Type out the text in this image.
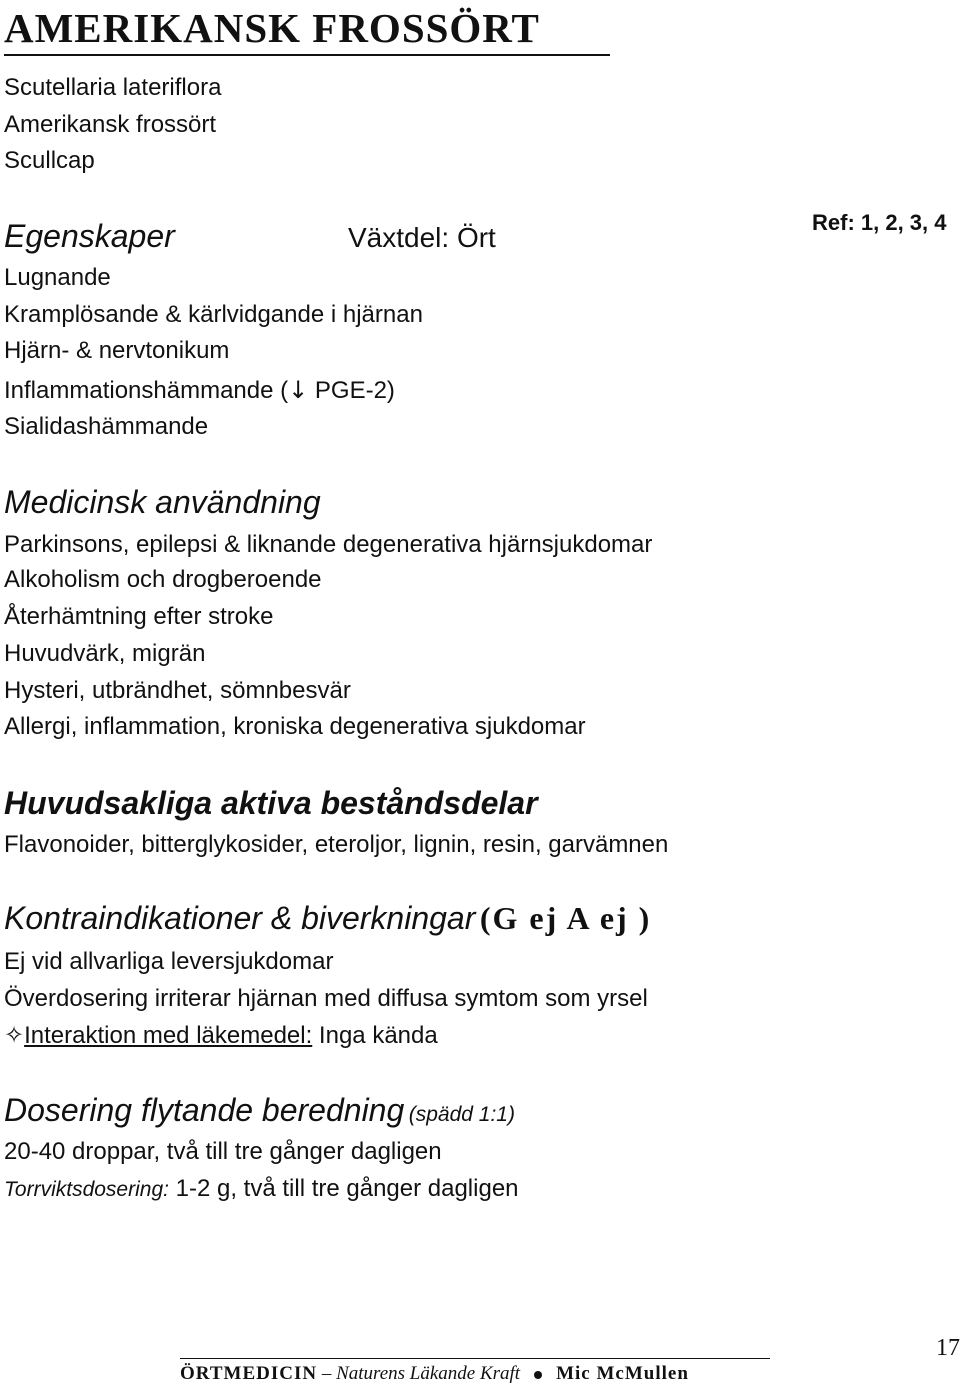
AMERIKANSK FROSSÖRT
Scutellaria lateriflora
Amerikansk frossört
Scullcap
Egenskaper	Växtdel: Ört	Ref: 1, 2, 3, 4
Lugnande
Kramplösande & kärlvidgande i hjärnan
Hjärn- & nervtonikum
Inflammationshämmande (↓ PGE-2)
Sialidashämmande
Medicinsk användning
Parkinsons, epilepsi & liknande degenerativa hjärnsjukdomar
Alkoholism och drogberoende
Återhämtning efter stroke
Huvudvärk, migrän
Hysteri, utbrändhet, sömnbesvär
Allergi, inflammation, kroniska degenerativa sjukdomar
Huvudsakliga aktiva beståndsdelar
Flavonoider, bitterglykosider, eteroljor, lignin, resin, garvämnen
Kontraindikationer & biverkningar (G ej A ej )
Ej vid allvarliga leversjukdomar
Överdosering irriterar hjärnan med diffusa symtom som yrsel
✧Interaktion med läkemedel: Inga kända
Dosering flytande beredning (spädd 1:1)
20-40 droppar, två till tre gånger dagligen
Torrviktsdosering: 1-2 g, två till tre gånger dagligen
17
ÖRTMEDICIN – Naturens Läkande Kraft Mic McMullen
